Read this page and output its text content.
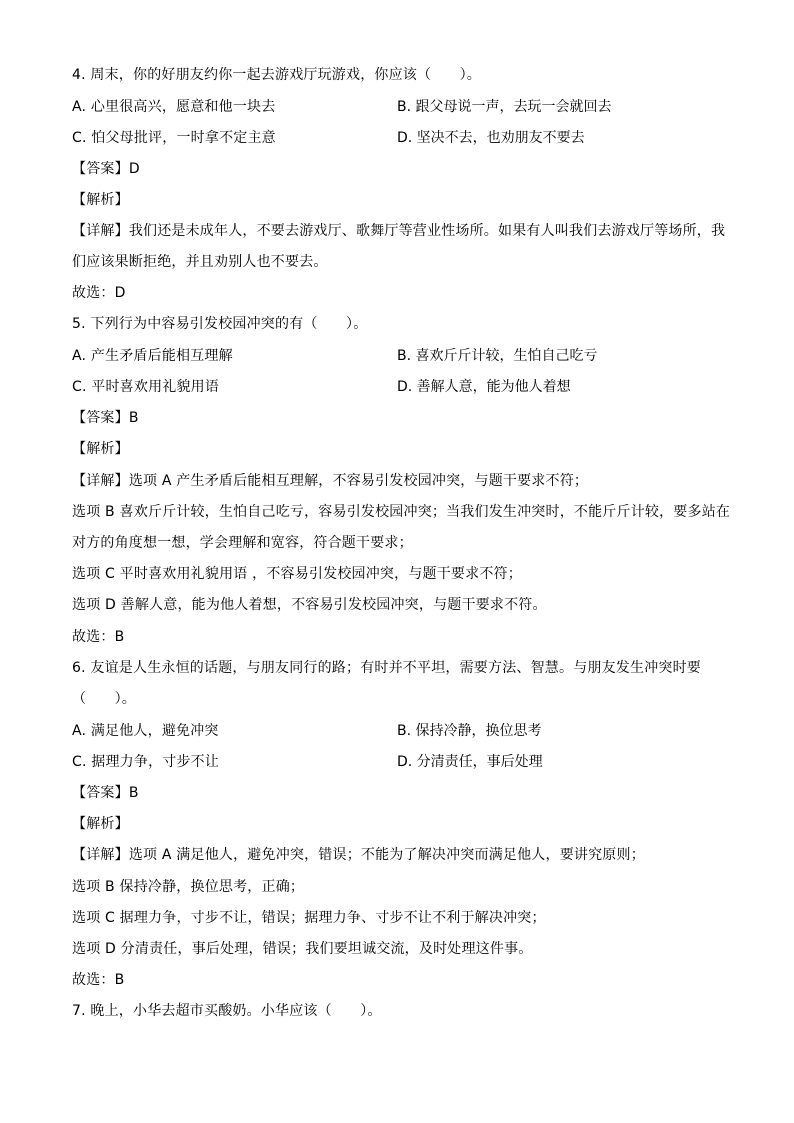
4. 周末，你的好朋友约你一起去游戏厅玩游戏，你应该（　　）。
A. 心里很高兴，愿意和他一块去	B. 跟父母说一声，去玩一会就回去
C. 怕父母批评，一时拿不定主意	D. 坚决不去，也劝朋友不要去
【答案】D
【解析】
【详解】我们还是未成年人，不要去游戏厅、歌舞厅等营业性场所。如果有人叫我们去游戏厅等场所，我
们应该果断拒绝，并且劝别人也不要去。
故选：D
5. 下列行为中容易引发校园冲突的有（　　）。
A. 产生矛盾后能相互理解	B. 喜欢斤斤计较，生怕自己吃亏
C. 平时喜欢用礼貌用语	D. 善解人意，能为他人着想
【答案】B
【解析】
【详解】选项 A 产生矛盾后能相互理解，不容易引发校园冲突，与题干要求不符；
选项 B 喜欢斤斤计较，生怕自己吃亏，容易引发校园冲突；当我们发生冲突时，不能斤斤计较，要多站在
对方的角度想一想，学会理解和宽容，符合题干要求；
选项 C 平时喜欢用礼貌用语 ，不容易引发校园冲突，与题干要求不符；
选项 D 善解人意，能为他人着想，不容易引发校园冲突，与题干要求不符。
故选：B
6. 友谊是人生永恒的话题，与朋友同行的路；有时并不平坦，需要方法、智慧。与朋友发生冲突时要
（　　）。
A. 满足他人，避免冲突	B. 保持冷静，换位思考
C. 据理力争，寸步不让	D. 分清责任，事后处理
【答案】B
【解析】
【详解】选项 A 满足他人，避免冲突，错误；不能为了解决冲突而满足他人，要讲究原则；
选项 B 保持冷静，换位思考，正确；
选项 C 据理力争，寸步不让，错误；据理力争、寸步不让不利于解决冲突；
选项 D 分清责任，事后处理，错误；我们要坦诚交流，及时处理这件事。
故选：B
7. 晚上，小华去超市买酸奶。小华应该（　　）。
